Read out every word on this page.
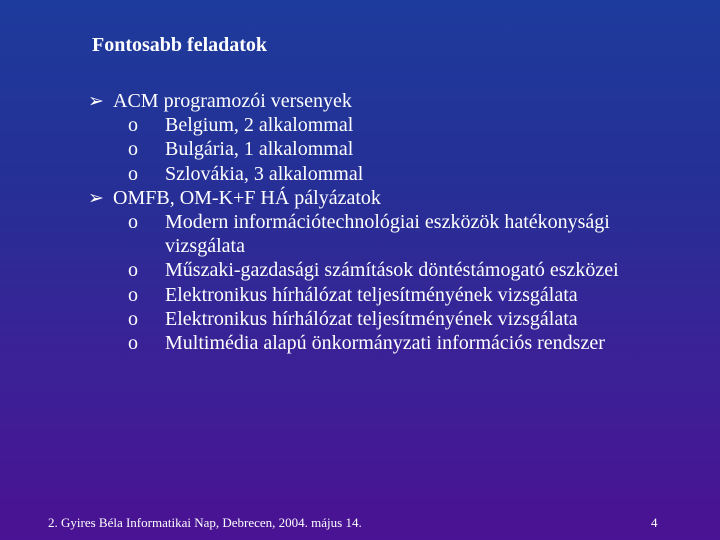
Fontosabb feladatok
➢ ACM programozói versenyek
o Belgium, 2 alkalommal
o Bulgária, 1 alkalommal
o Szlovákia, 3 alkalommal
➢ OMFB, OM-K+F HÁ pályázatok
o Modern információtechnológiai eszközök hatékonysági vizsgálata
o Műszaki-gazdasági számítások döntéstámogató eszközei
o Elektronikus hírhálózat teljesítményének vizsgálata
o Elektronikus hírhálózat teljesítményének vizsgálata
o Multimédia alapú önkormányzati információs rendszer
2. Gyires Béla Informatikai Nap, Debrecen, 2004. május 14.	4
